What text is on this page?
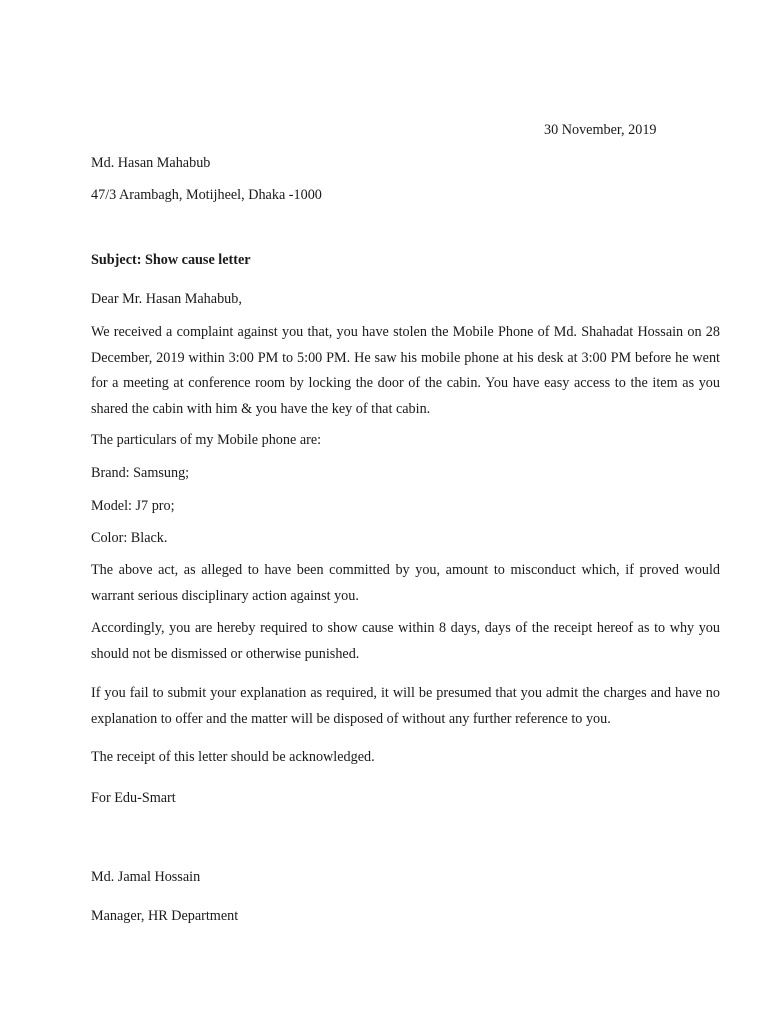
30 November, 2019
Md. Hasan Mahabub
47/3 Arambagh, Motijheel, Dhaka -1000
Subject: Show cause letter
Dear Mr. Hasan Mahabub,
We received a complaint against you that, you have stolen the Mobile Phone of Md. Shahadat Hossain on 28 December, 2019 within 3:00 PM to 5:00 PM. He saw his mobile phone at his desk at 3:00 PM before he went for a meeting at conference room by locking the door of the cabin. You have easy access to the item as you shared the cabin with him & you have the key of that cabin.
The particulars of my Mobile phone are:
Brand: Samsung;
Model: J7 pro;
Color: Black.
The above act, as alleged to have been committed by you, amount to misconduct which, if proved would warrant serious disciplinary action against you.
Accordingly, you are hereby required to show cause within 8 days, days of the receipt hereof as to why you should not be dismissed or otherwise punished.
If you fail to submit your explanation as required, it will be presumed that you admit the charges and have no explanation to offer and the matter will be disposed of without any further reference to you.
The receipt of this letter should be acknowledged.
For Edu-Smart
Md. Jamal Hossain
Manager, HR Department
